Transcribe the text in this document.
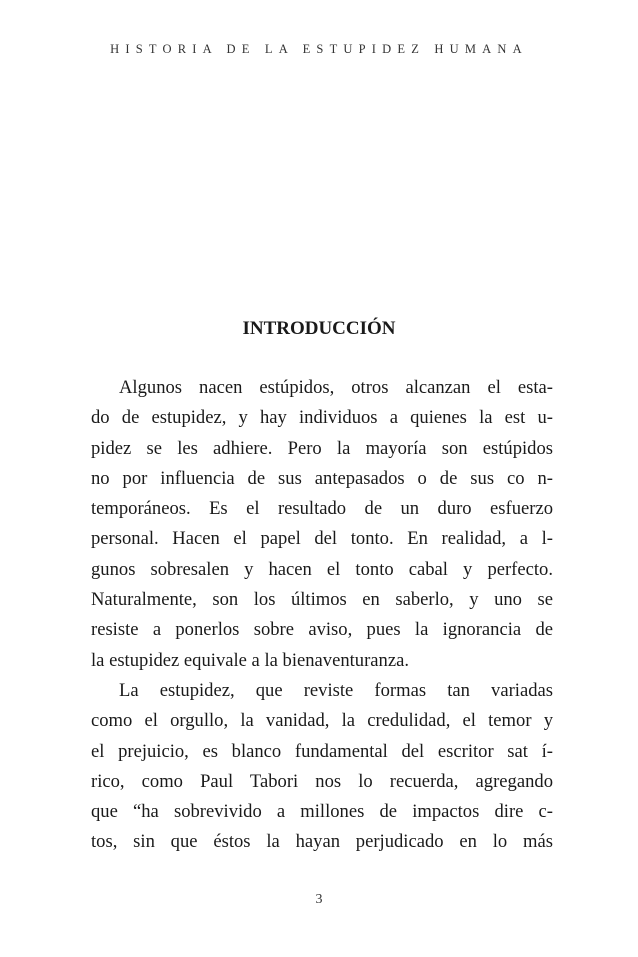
HISTORIA DE LA ESTUPIDEZ HUMANA
INTRODUCCIÓN
Algunos nacen estúpidos, otros alcanzan el esta-
do de estupidez, y hay individuos a quienes la est u-
pidez se les adhiere. Pero la mayoría son estúpidos
no por influencia de sus antepasados o de sus co n-
temporáneos. Es el resultado de un duro esfuerzo
personal. Hacen el papel del tonto. En realidad, a l-
gunos sobresalen y hacen el tonto cabal y perfecto.
Naturalmente, son los últimos en saberlo, y uno se
resiste a ponerlos sobre aviso, pues la ignorancia de
la estupidez equivale a la bienaventuranza.
La estupidez, que reviste formas tan variadas
como el orgullo, la vanidad, la credulidad, el temor y
el prejuicio, es blanco fundamental del escritor sat í-
rico, como Paul Tabori nos lo recuerda, agregando
que “ha sobrevivido a millones de impactos dire c-
tos, sin que éstos la hayan perjudicado en lo más
3
